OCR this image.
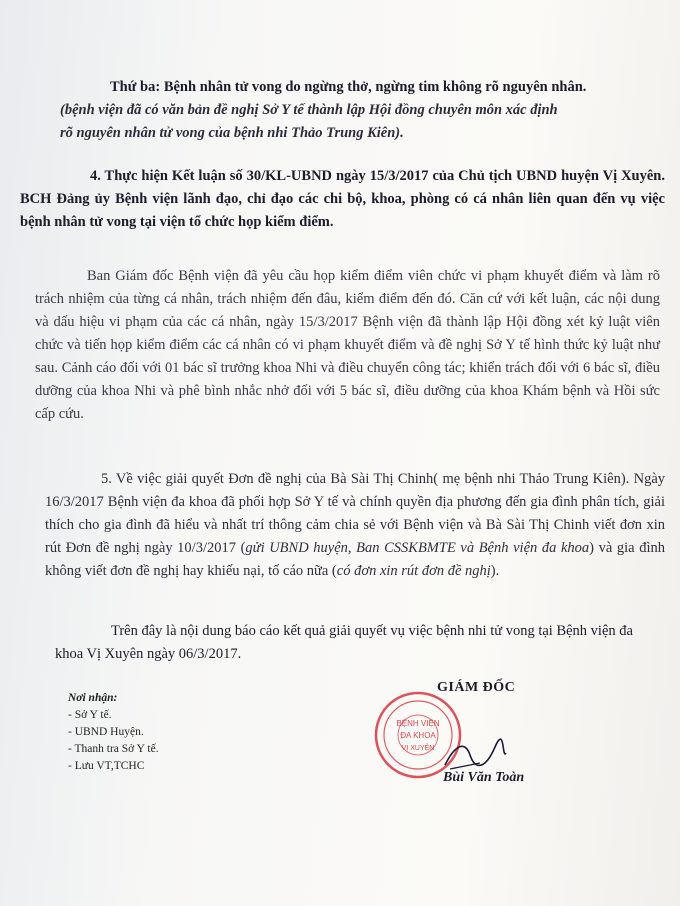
Thứ ba: Bệnh nhân tử vong do ngừng thở, ngừng tim không rõ nguyên nhân.
(bệnh viện đã có văn bản đề nghị Sở Y tế thành lập Hội đồng chuyên môn xác định
rõ nguyên nhân tử vong của bệnh nhi Thảo Trung Kiên).
4. Thực hiện Kết luận số 30/KL-UBND ngày 15/3/2017 của Chủ tịch UBND huyện Vị Xuyên. BCH Đảng ủy Bệnh viện lãnh đạo, chỉ đạo các chi bộ, khoa, phòng có cá nhân liên quan đến vụ việc bệnh nhân tử vong tại viện tổ chức họp kiểm điểm.
Ban Giám đốc Bệnh viện đã yêu cầu họp kiểm điểm viên chức vi phạm khuyết điểm và làm rõ trách nhiệm của từng cá nhân, trách nhiệm đến đâu, kiểm điểm đến đó. Căn cứ với kết luận, các nội dung và dấu hiệu vi phạm của các cá nhân, ngày 15/3/2017 Bệnh viện đã thành lập Hội đồng xét kỷ luật viên chức và tiến họp kiểm điểm các cá nhân có vi phạm khuyết điểm và đề nghị Sở Y tế hình thức kỷ luật như sau. Cảnh cáo đối với 01 bác sĩ trưởng khoa Nhi và điều chuyển công tác; khiển trách đối với 6 bác sĩ, điều dưỡng của khoa Nhi và phê bình nhắc nhở đối với 5 bác sĩ, điều dưỡng của khoa Khám bệnh và Hồi sức cấp cứu.
5. Về việc giải quyết Đơn đề nghị của Bà Sài Thị Chinh( mẹ bệnh nhi Thảo Trung Kiên). Ngày 16/3/2017 Bệnh viện đa khoa đã phối hợp Sở Y tế và chính quyền địa phương đến gia đình phân tích, giải thích cho gia đình đã hiểu và nhất trí thông cảm chia sẻ với Bệnh viện và Bà Sài Thị Chinh viết đơn xin rút Đơn đề nghị ngày 10/3/2017 (gửi UBND huyện, Ban CSSKBMTE và Bệnh viện đa khoa) và gia đình không viết đơn đề nghị hay khiếu nại, tố cáo nữa (có đơn xin rút đơn đề nghị).
Trên đây là nội dung báo cáo kết quả giải quyết vụ việc bệnh nhi tử vong tại Bệnh viện đa khoa Vị Xuyên ngày 06/3/2017.
Nơi nhận:
- Sở Y tế.
- UBND Huyện.
- Thanh tra Sở Y tế.
- Lưu VT,TCHC
GIÁM ĐỐC
BỆNH VIỆN
ĐA KHOA
VỊ XUYÊN
Bùi Văn Toàn
